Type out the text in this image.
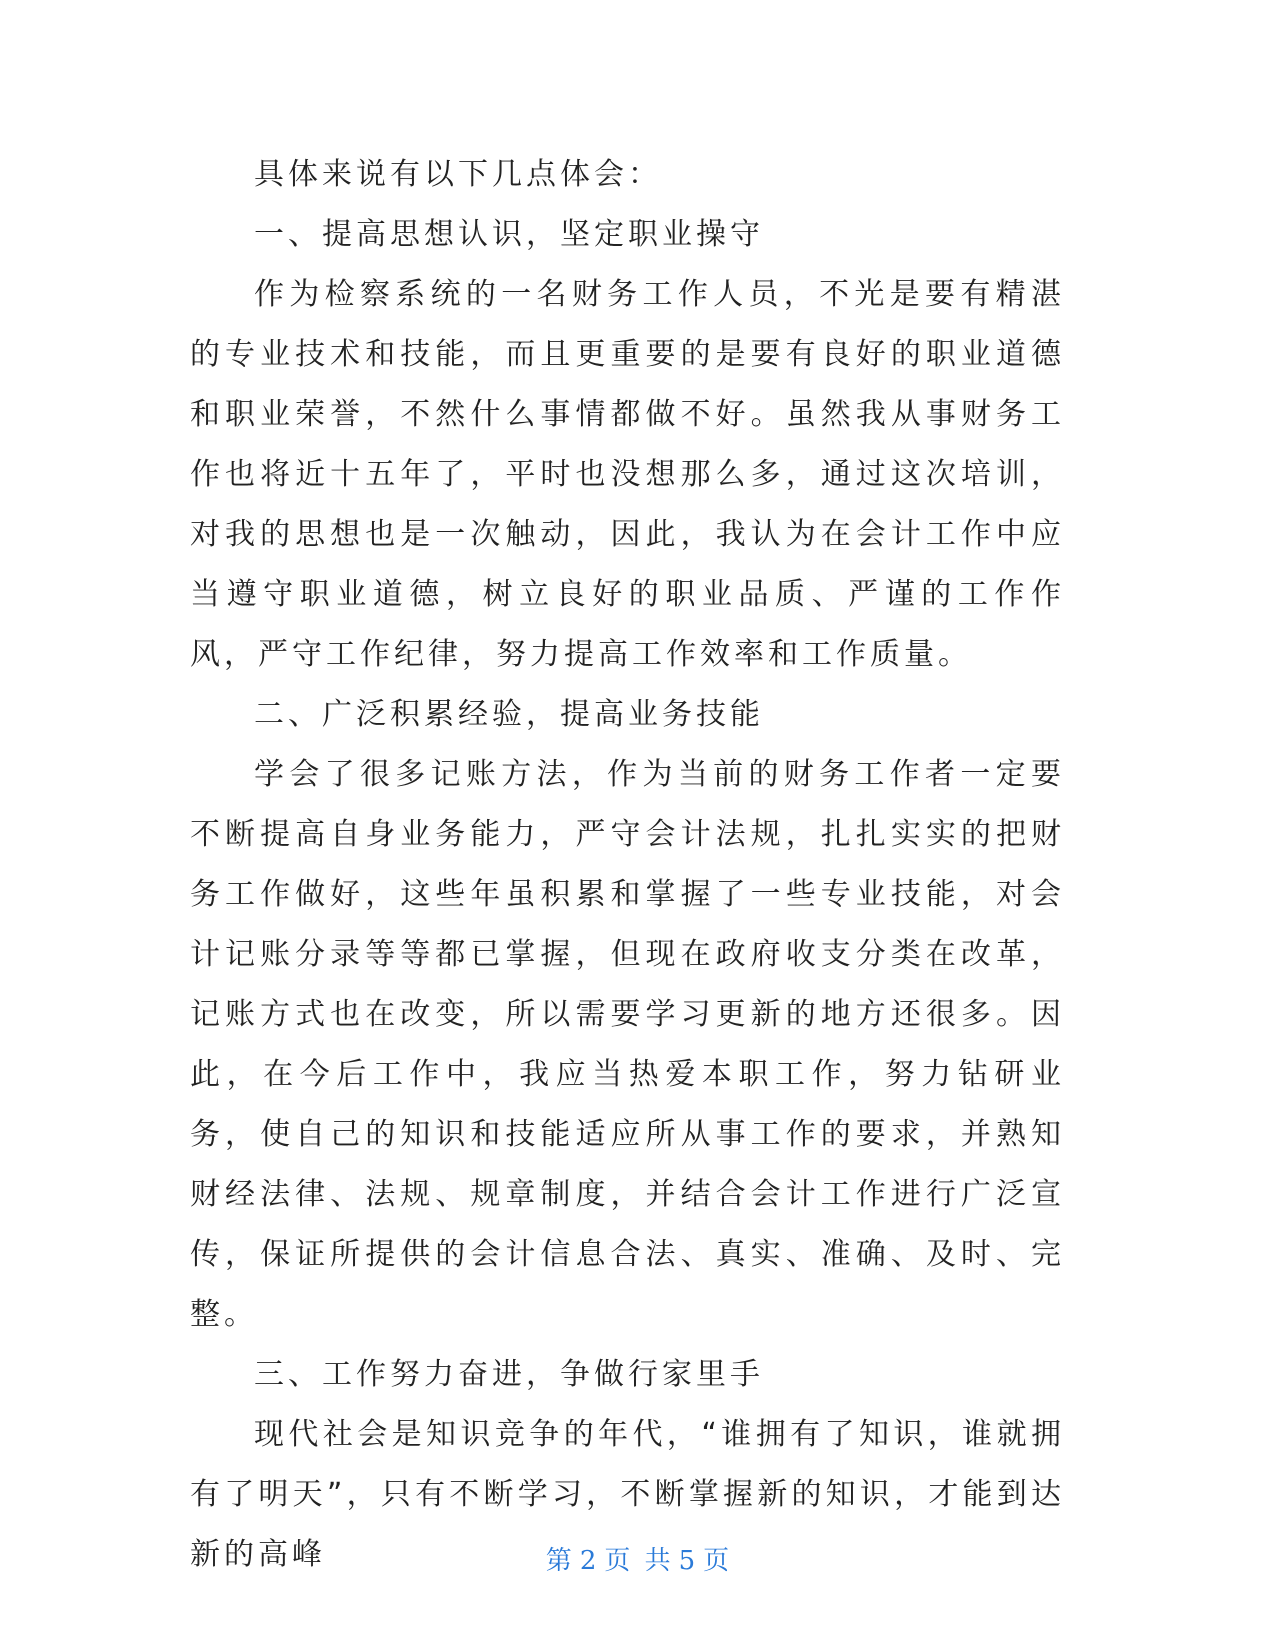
具体来说有以下几点体会：

一、提高思想认识，坚定职业操守

作为检察系统的一名财务工作人员，不光是要有精湛的专业技术和技能，而且更重要的是要有良好的职业道德和职业荣誉，不然什么事情都做不好。虽然我从事财务工作也将近十五年了，平时也没想那么多，通过这次培训，对我的思想也是一次触动，因此，我认为在会计工作中应当遵守职业道德，树立良好的职业品质、严谨的工作作风，严守工作纪律，努力提高工作效率和工作质量。

二、广泛积累经验，提高业务技能

学会了很多记账方法，作为当前的财务工作者一定要不断提高自身业务能力，严守会计法规，扎扎实实的把财务工作做好，这些年虽积累和掌握了一些专业技能，对会计记账分录等等都已掌握，但现在政府收支分类在改革，记账方式也在改变，所以需要学习更新的地方还很多。因此，在今后工作中，我应当热爱本职工作，努力钻研业务，使自己的知识和技能适应所从事工作的要求，并熟知财经法律、法规、规章制度，并结合会计工作进行广泛宣传，保证所提供的会计信息合法、真实、准确、及时、完整。

三、工作努力奋进，争做行家里手

现代社会是知识竞争的年代，“谁拥有了知识，谁就拥有了明天”，只有不断学习，不断掌握新的知识，才能到达新的高峰	第 2 页 共 5 页
